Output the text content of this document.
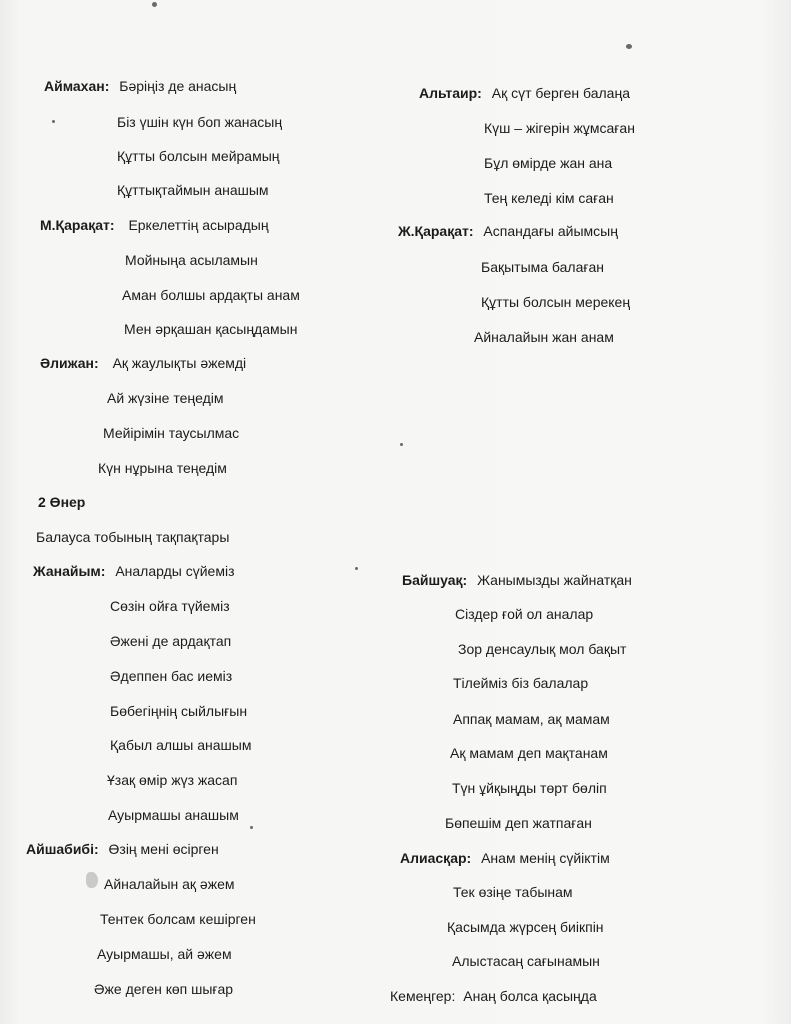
Аймахан: Бәріңіз де анасың
Біз үшін күн боп жанасың
Құтты болсын мейрамың
Құттықтаймын анашым
М.Қарақат: Еркелеттің асырадың
Мойныңа асыламын
Аман болшы ардақты анам
Мен әрқашан қасыңдамын
Әлижан: Ақ жаулықты әжемді
Ай жүзіне теңедім
Мейірімін таусылмас
Күн нұрына теңедім
2 Өнер
Балауса тобының тақпақтары
Жанайым: Аналарды сүйеміз
Сөзін ойға түйеміз
Әжені де ардақтап
Әдеппен бас иеміз
Бөбегіңнің сыйлығын
Қабыл алшы анашым
Ұзақ өмір жүз жасап
Ауырмашы анашым
Айшабибі: Өзің мені өсірген
Айналайын ақ әжем
Тентек болсам кешірген
Ауырмашы, ай әжем
Әже деген көп шығар
Альтаир: Ақ сүт берген балаңа
Күш – жігерін жұмсаған
Бұл өмірде жан ана
Тең келеді кім саған
Ж.Қарақат: Аспандағы айымсың
Бақытыма балаған
Құтты болсын мерекең
Айналайын жан анам
Байшуақ: Жанымызды жайнатқан
Сіздер ғой ол аналар
Зор денсаулық мол бақыт
Тілейміз біз балалар
Аппақ мамам, ақ мамам
Ақ мамам деп мақтанам
Түн ұйқыңды төрт бөліп
Бөпешім деп жатпаған
Алиасқар: Анам менің сүйіктім
Тек өзіңе табынам
Қасымда жүрсең биікпін
Алыстасаң сағынамын
Кемеңгер: Анаң болса қасыңда
